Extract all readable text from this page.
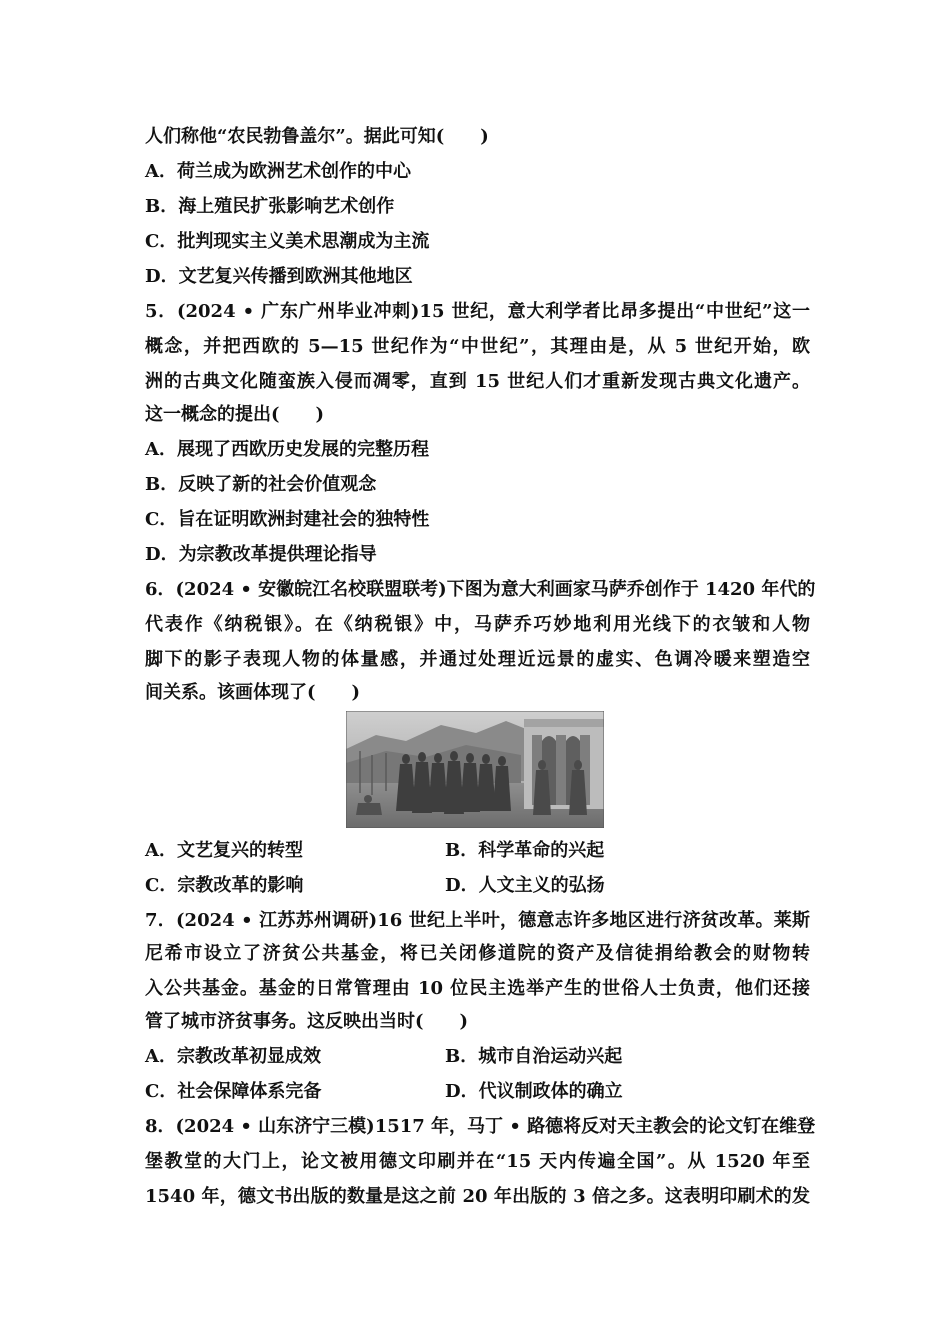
人们称他“农民勃鲁盖尔”。据此可知(　　)
A．荷兰成为欧洲艺术创作的中心
B．海上殖民扩张影响艺术创作
C．批判现实主义美术思潮成为主流
D．文艺复兴传播到欧洲其他地区
5．(2024 • 广东广州毕业冲刺)15 世纪，意大利学者比昂多提出“中世纪”这一
概念，并把西欧的 5—15 世纪作为“中世纪”，其理由是，从 5 世纪开始，欧
洲的古典文化随蛮族入侵而凋零，直到 15 世纪人们才重新发现古典文化遗产。
这一概念的提出(　　)
A．展现了西欧历史发展的完整历程
B．反映了新的社会价值观念
C．旨在证明欧洲封建社会的独特性
D．为宗教改革提供理论指导
6．(2024 • 安徽皖江名校联盟联考)下图为意大利画家马萨乔创作于 1420 年代的
代表作《纳税银》。在《纳税银》中，马萨乔巧妙地利用光线下的衣皱和人物
脚下的影子表现人物的体量感，并通过处理近远景的虚实、色调冷暖来塑造空
间关系。该画体现了(　　)
A．文艺复兴的转型	B．科学革命的兴起
C．宗教改革的影响	D．人文主义的弘扬
7．(2024 • 江苏苏州调研)16 世纪上半叶，德意志许多地区进行济贫改革。莱斯
尼希市设立了济贫公共基金，将已关闭修道院的资产及信徒捐给教会的财物转
入公共基金。基金的日常管理由 10 位民主选举产生的世俗人士负责，他们还接
管了城市济贫事务。这反映出当时(　　)
A．宗教改革初显成效	B．城市自治运动兴起
C．社会保障体系完备	D．代议制政体的确立
8．(2024 • 山东济宁三模)1517 年，马丁 • 路德将反对天主教会的论文钉在维登
堡教堂的大门上，论文被用德文印刷并在“15 天内传遍全国”。从 1520 年至
1540 年，德文书出版的数量是这之前 20 年出版的 3 倍之多。这表明印刷术的发
